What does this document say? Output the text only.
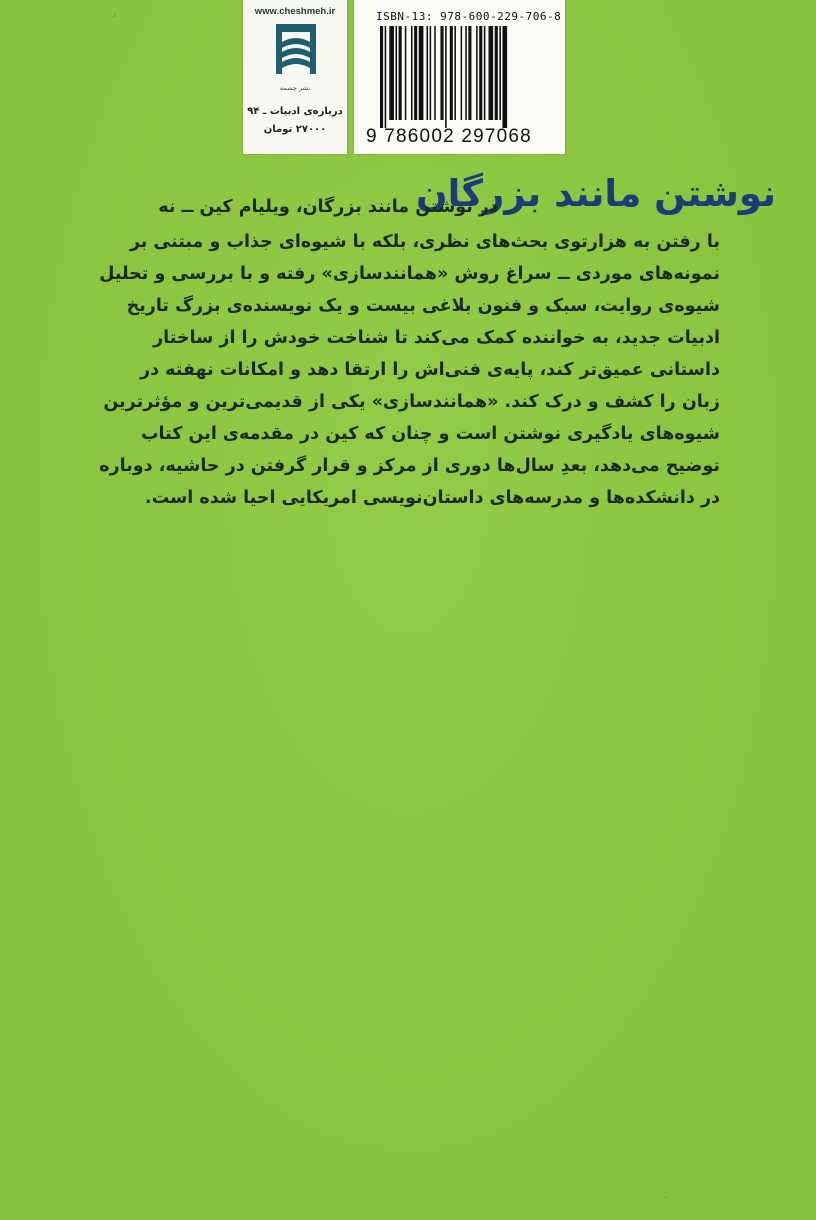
٫	www.cheshmeh.ir
نشر چشمه
درباره‌ی ادبیات ـ ۹۴
۲۷۰۰۰ تومان
ISBN-13: 978-600-229-706-8
9 786002 297068
نوشتن مانند بزرگان
در نوشتن مانند بزرگان، ویلیام کین ــ نه
با رفتن به هزارتوی بحث‌های نظری، بلکه با شیوه‌ای جذاب و مبتنی بر
نمونه‌های موردی ــ سراغ روش «همانندسازی» رفته و با بررسی و تحلیل
شیوه‌ی روایت، سبک و فنون بلاغی بیست و یک نویسنده‌ی بزرگ تاریخ
ادبیات جدید، به خواننده کمک می‌کند تا شناخت خودش را از ساختار
داستانی عمیق‌تر کند، پایه‌ی فنی‌اش را ارتقا دهد و امکانات نهفته در
زبان را کشف و درک کند. «همانندسازی» یکی از قدیمی‌ترین و مؤثرترین
شیوه‌های یادگیری نوشتن است و چنان که کین در مقدمه‌ی این کتاب
توضیح می‌دهد، بعدِ سال‌ها دوری از مرکز و قرار گرفتن در حاشیه، دوباره
در دانشکده‌ها و مدرسه‌های داستان‌نویسی امریکایی احیا شده است.
ـ
